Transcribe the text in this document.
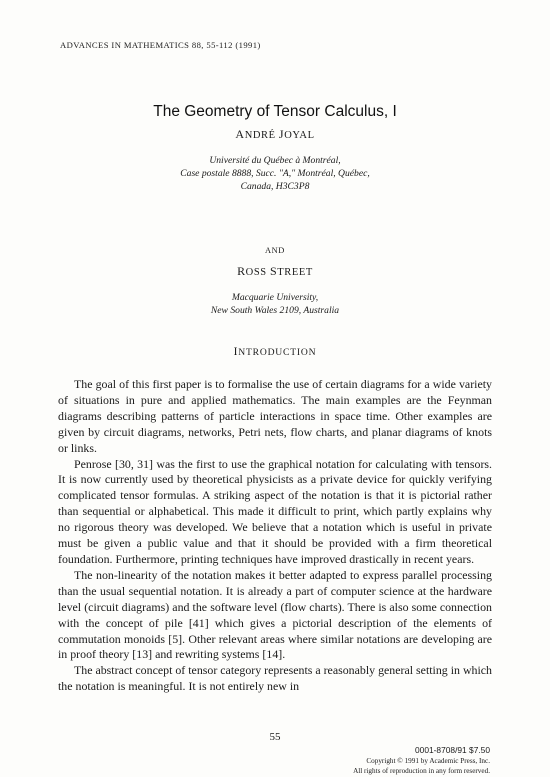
ADVANCES IN MATHEMATICS 88, 55-112 (1991)
The Geometry of Tensor Calculus, I
ANDRÉ JOYAL
Université du Québec à Montréal,
Case postale 8888, Succ. "A," Montréal, Québec,
Canada, H3C3P8
AND
ROSS STREET
Macquarie University,
New South Wales 2109, Australia
INTRODUCTION

The goal of this first paper is to formalise the use of certain diagrams for a wide variety of situations in pure and applied mathematics. The main examples are the Feynman diagrams describing patterns of particle interactions in space time. Other examples are given by circuit diagrams, networks, Petri nets, flow charts, and planar diagrams of knots or links.

Penrose [30, 31] was the first to use the graphical notation for calculating with tensors. It is now currently used by theoretical physicists as a private device for quickly verifying complicated tensor formulas. A striking aspect of the notation is that it is pictorial rather than sequential or alphabetical. This made it difficult to print, which partly explains why no rigorous theory was developed. We believe that a notation which is useful in private must be given a public value and that it should be provided with a firm theoretical foundation. Furthermore, printing techniques have improved drastically in recent years.

The non-linearity of the notation makes it better adapted to express parallel processing than the usual sequential notation. It is already a part of computer science at the hardware level (circuit diagrams) and the software level (flow charts). There is also some connection with the concept of pile [41] which gives a pictorial description of the elements of commutation monoids [5]. Other relevant areas where similar notations are developing are in proof theory [13] and rewriting systems [14].

The abstract concept of tensor category represents a reasonably general setting in which the notation is meaningful. It is not entirely new in

55
0001-8708/91 $7.50
Copyright © 1991 by Academic Press, Inc.
All rights of reproduction in any form reserved.
